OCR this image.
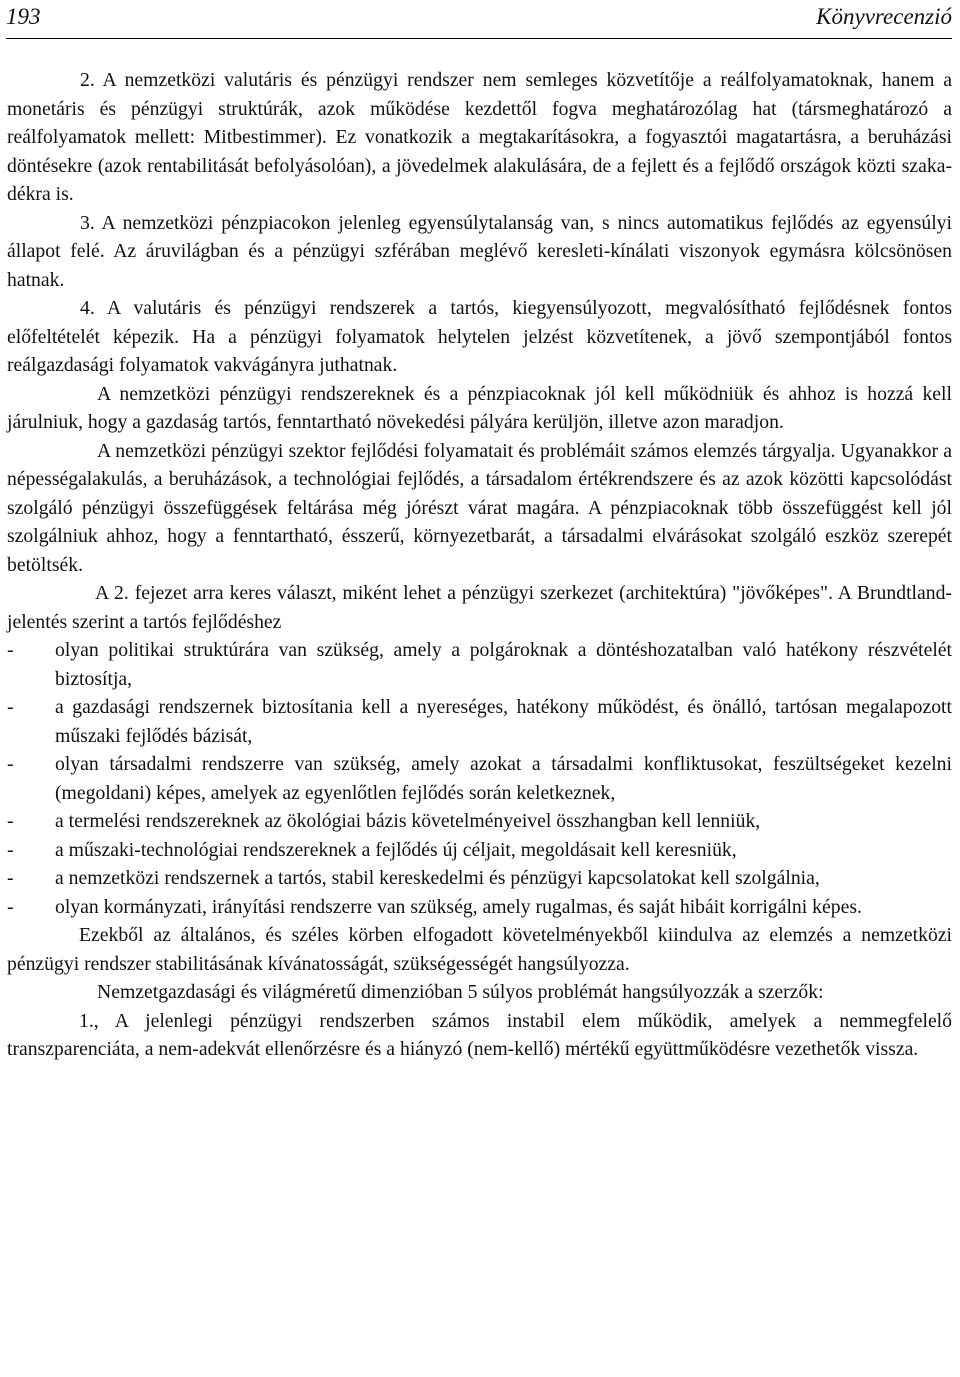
193	Könyvrecenzió

2. A nemzetközi valutáris és pénzügyi rendszer nem semleges közvetítője a reálfolyamatoknak, hanem a monetáris és pénzügyi struktúrák, azok működése kezdettől fogva meghatározólag hat (társmeghatározó a reálfolyamatok mellett: Mitbestimmer). Ez vonatkozik a megtakarításokra, a fogyasztói magatartásra, a beruházási döntésekre (azok rentabilitását befolyásolóan), a jövedelmek alakulására, de a fejlett és a fejlődő országok közti szakadékra is.

3. A nemzetközi pénzpiacokon jelenleg egyensúlytalanság van, s nincs automatikus fejlődés az egyensúlyi állapot felé. Az áruvilágban és a pénzügyi szférában meglévő keresleti-kínálati viszonyok egymásra kölcsönösen hatnak.

4. A valutáris és pénzügyi rendszerek a tartós, kiegyensúlyozott, megvalósítható fejlődésnek fontos előfeltételét képezik. Ha a pénzügyi folyamatok helytelen jelzést közvetítenek, a jövő szempontjából fontos reálgazdasági folyamatok vakvágányra juthatnak.

A nemzetközi pénzügyi rendszereknek és a pénzpiacoknak jól kell működniük és ahhoz is hozzá kell járulniuk, hogy a gazdaság tartós, fenntartható növekedési pályára kerüljön, illetve azon maradjon.

A nemzetközi pénzügyi szektor fejlődési folyamatait és problémáit számos elemzés tárgyalja. Ugyanakkor a népességalakulás, a beruházások, a technológiai fejlődés, a társadalom értékrendszere és az azok közötti kapcsolódást szolgáló pénzügyi összefüggések feltárása még jórészt várat magára. A pénzpiacoknak több összefüggést kell jól szolgálniuk ahhoz, hogy a fenntartható, ésszerű, környezetbarát, a társadalmi elvárásokat szolgáló eszköz szerepét betöltsék.

A 2. fejezet arra keres választ, miként lehet a pénzügyi szerkezet (architektúra) "jövőképes". A Brundtland-jelentés szerint a tartós fejlődéshez

- olyan politikai struktúrára van szükség, amely a polgároknak a döntéshozatalban való hatékony részvételét biztosítja,
- a gazdasági rendszernek biztosítania kell a nyereséges, hatékony működést, és önálló, tartósan megalapozott műszaki fejlődés bázisát,
- olyan társadalmi rendszerre van szükség, amely azokat a társadalmi konfliktusokat, feszültségeket kezelni (megoldani) képes, amelyek az egyenlőtlen fejlődés során keletkeznek,
- a termelési rendszereknek az ökológiai bázis követelményeivel összhangban kell lenniük,
- a műszaki-technológiai rendszereknek a fejlődés új céljait, megoldásait kell keresniük,
- a nemzetközi rendszernek a tartós, stabil kereskedelmi és pénzügyi kapcsolatokat kell szolgálnia,
- olyan kormányzati, irányítási rendszerre van szükség, amely rugalmas, és saját hibáit korrigálni képes.

Ezekből az általános, és széles körben elfogadott követelményekből kiindulva az elemzés a nemzetközi pénzügyi rendszer stabilitásának kívánatosságát, szükségességét hangsúlyozza.

Nemzetgazdasági és világméretű dimenzióban 5 súlyos problémát hangsúlyozzák a szerzők:

1., A jelenlegi pénzügyi rendszerben számos instabil elem működik, amelyek a nemmegfelelő transzparenciáta, a nem-adekvát ellenőrzésre és a hiányzó (nem-kellő) mértékű együttműködésre vezethetők vissza.
